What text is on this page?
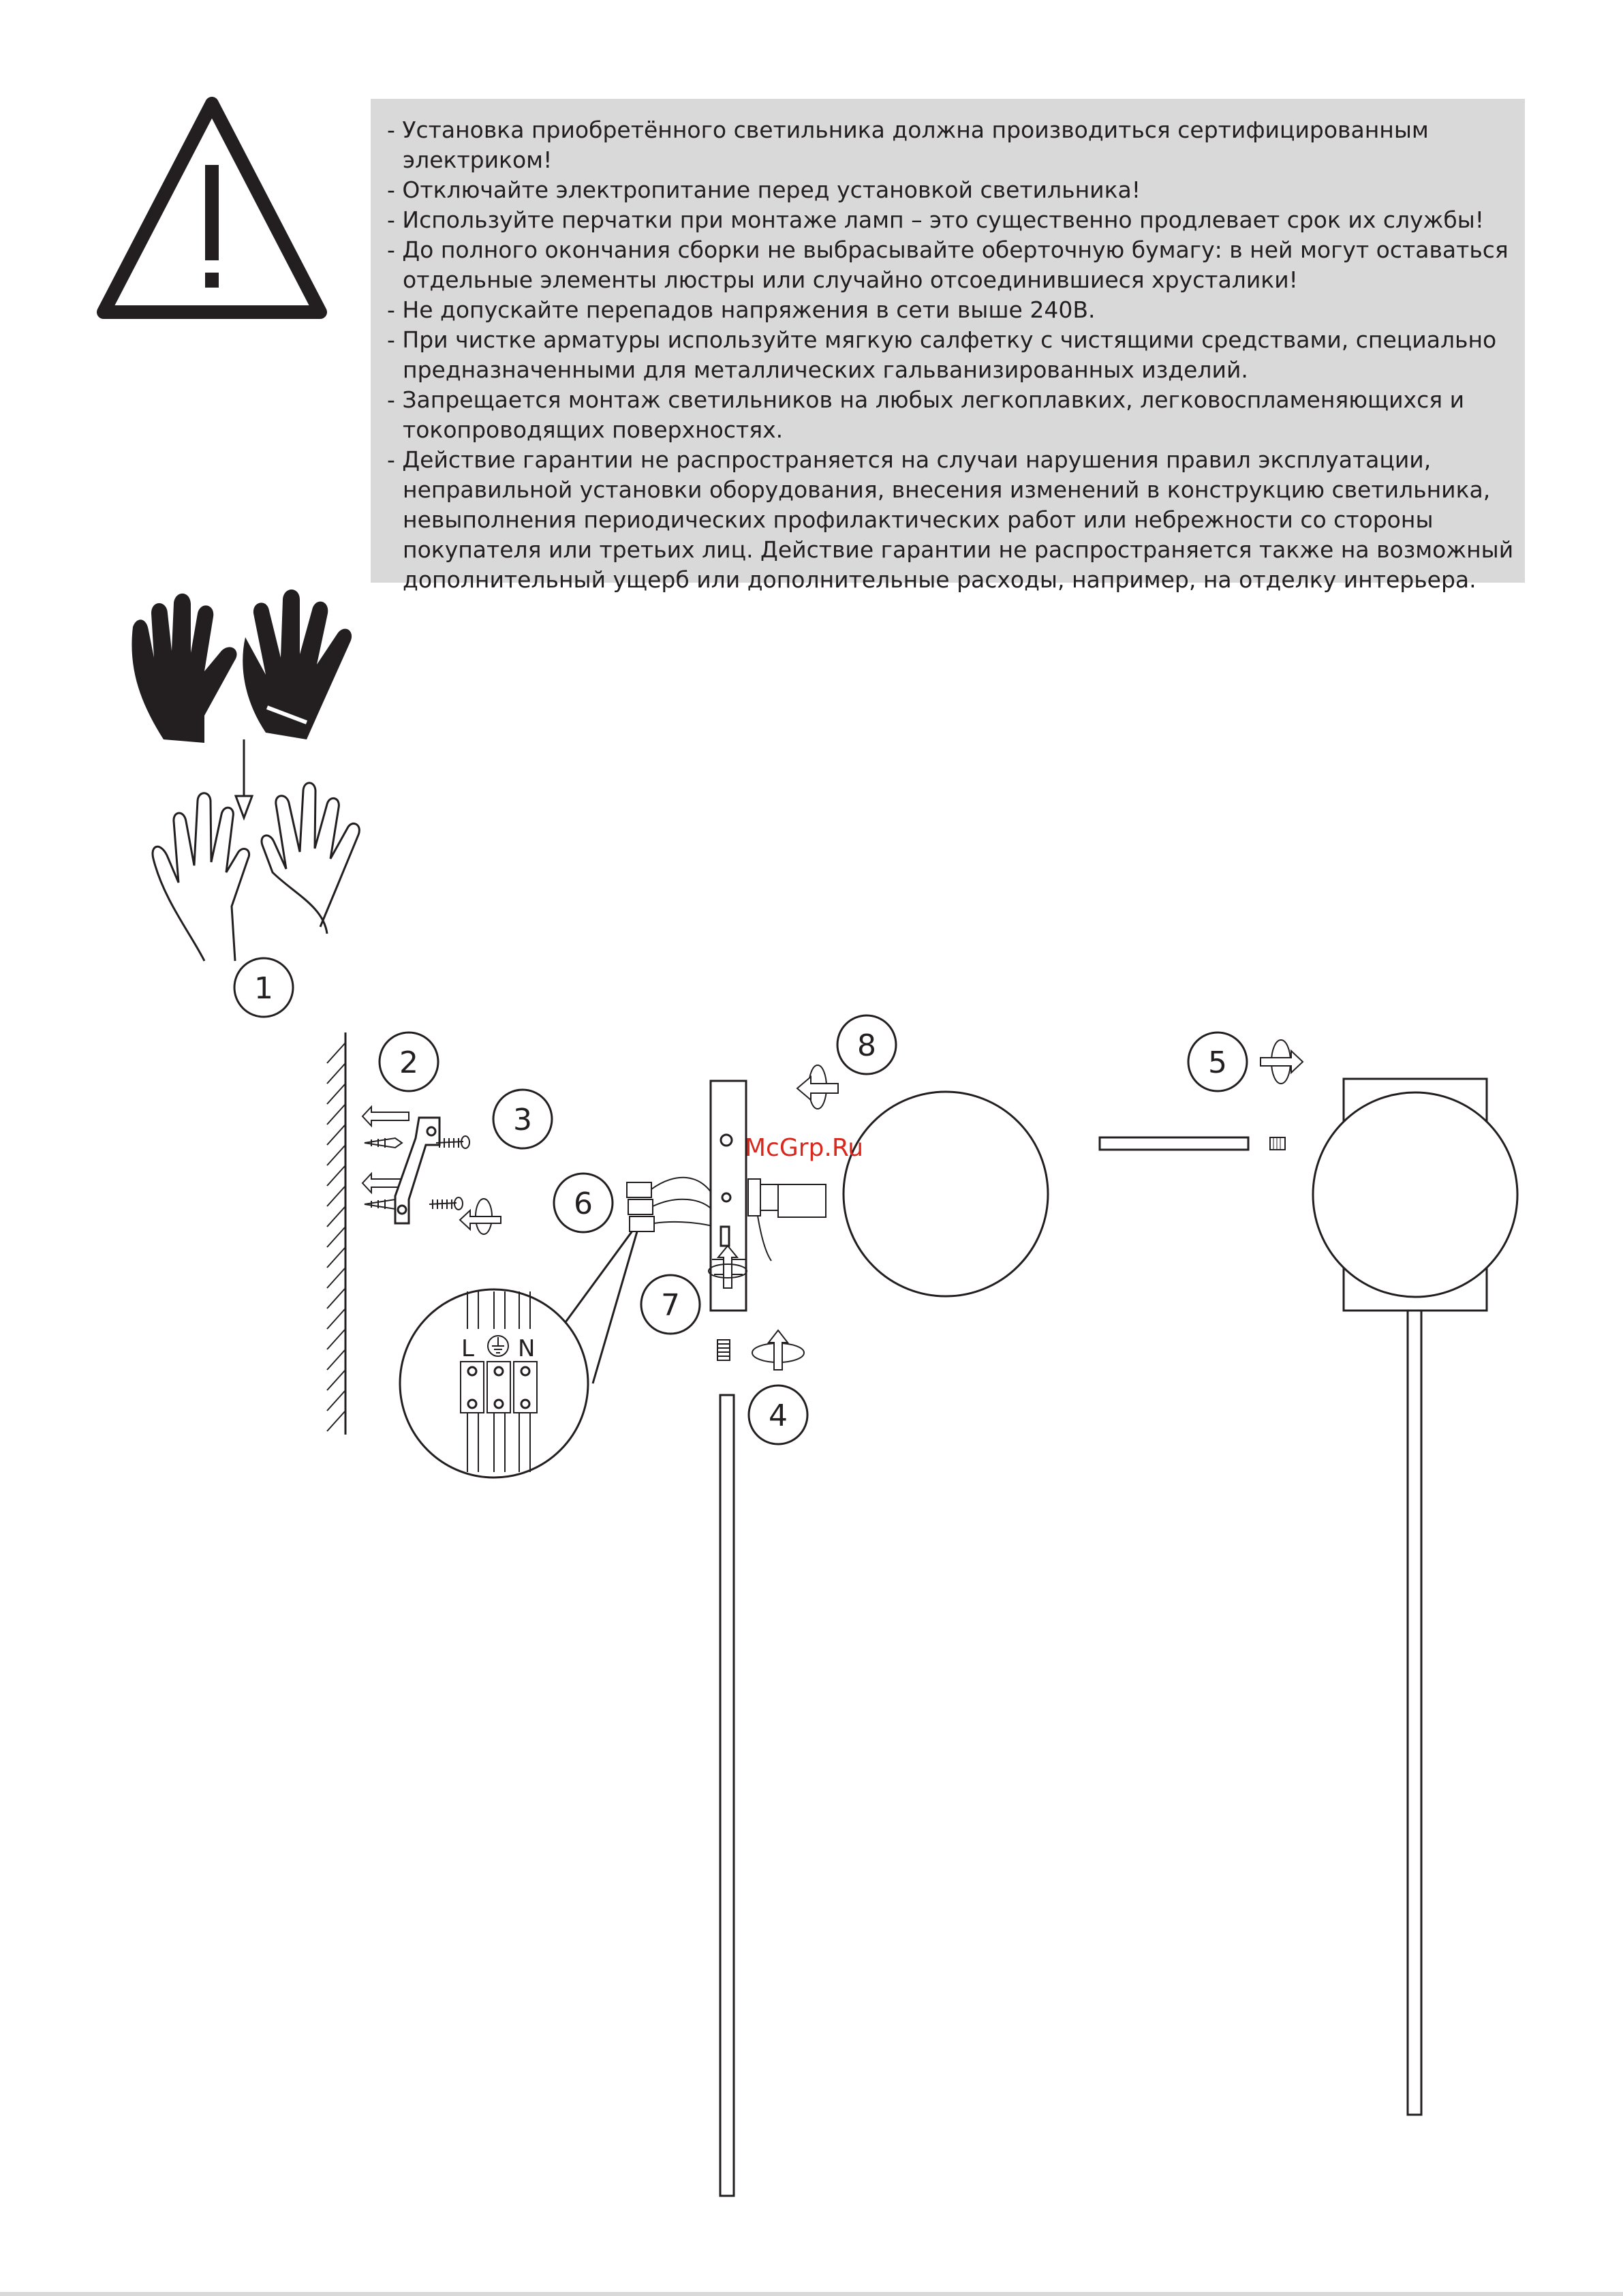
- Установка приобретённого светильника должна производиться сертифицированным электриком!
- Отключайте электропитание перед установкой светильника!
- Используйте перчатки при монтаже ламп – это существенно продлевает срок их службы!
- До полного окончания сборки не выбрасывайте оберточную бумагу: в ней могут оставаться отдельные элементы люстры или случайно отсоединившиеся хрусталики!
- Не допускайте перепадов напряжения в сети выше 240В.
- При чистке арматуры используйте мягкую салфетку с чистящими средствами, специально предназначенными для металлических гальванизированных изделий.
- Запрещается монтаж светильников на любых легкоплавких, легковоспламеняющихся и токопроводящих поверхностях.
- Действие гарантии не распространяется на случаи нарушения правил эксплуатации, неправильной установки оборудования, внесения изменений в конструкцию светильника, невыполнения периодических профилактических работ или небрежности со стороны покупателя или третьих лиц. Действие гарантии не распространяется также на возможный дополнительный ущерб или дополнительные расходы, например, на отделку интерьера.
1
2
3
4
5
6
7
8
L N
McGrp.Ru
